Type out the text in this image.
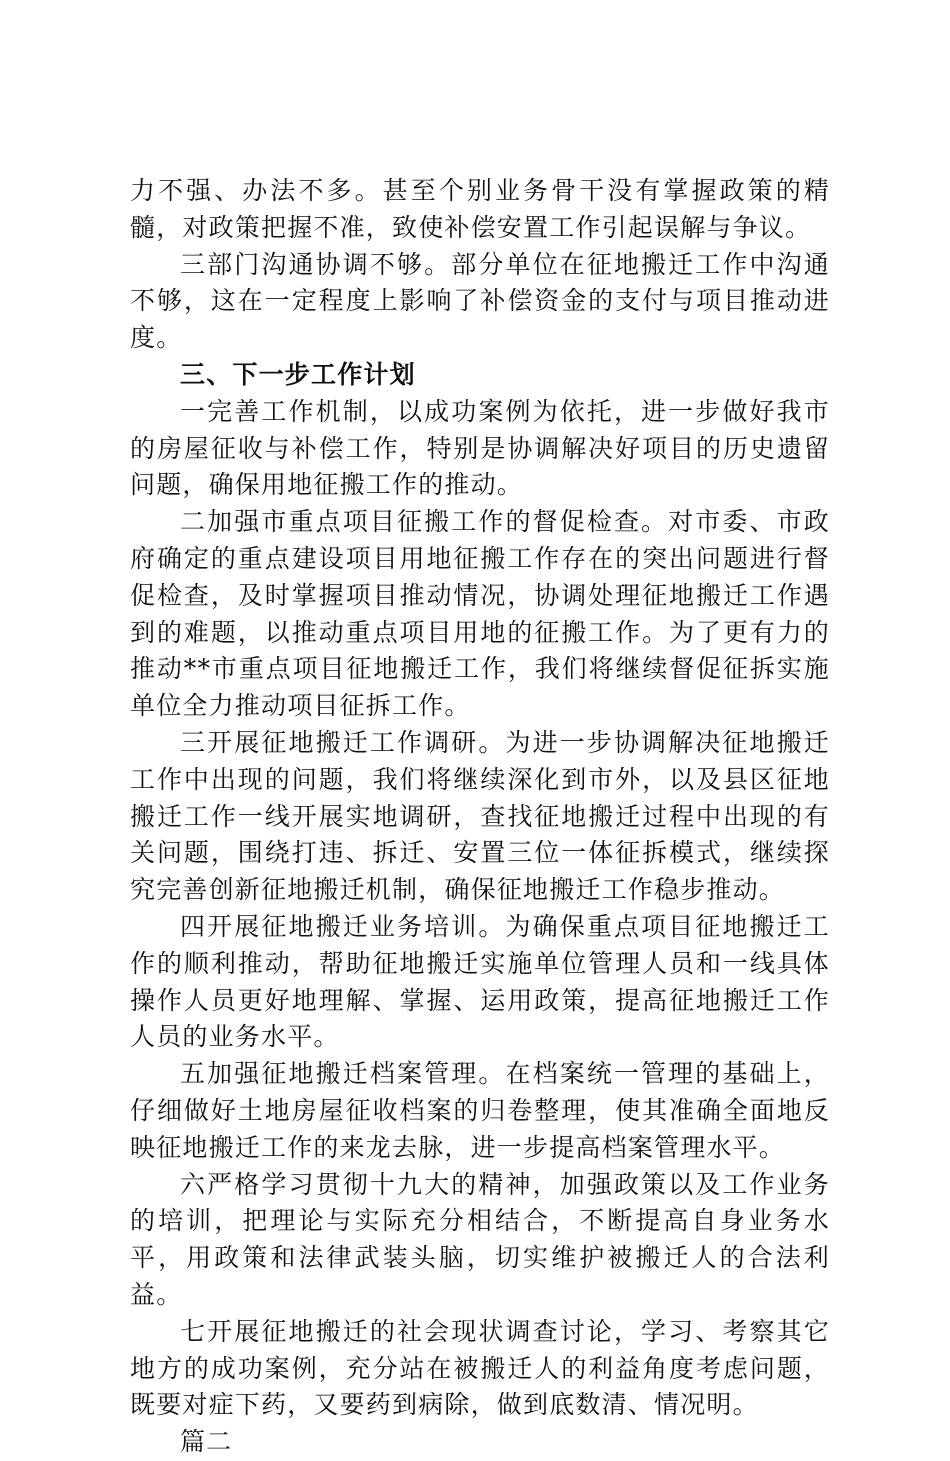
力不强、办法不多。甚至个别业务骨干没有掌握政策的精髓，对政策把握不准，致使补偿安置工作引起误解与争议。

三部门沟通协调不够。部分单位在征地搬迁工作中沟通不够，这在一定程度上影响了补偿资金的支付与项目推动进度。

三、下一步工作计划

一完善工作机制，以成功案例为依托，进一步做好我市的房屋征收与补偿工作，特别是协调解决好项目的历史遗留问题，确保用地征搬工作的推动。

二加强市重点项目征搬工作的督促检查。对市委、市政府确定的重点建设项目用地征搬工作存在的突出问题进行督促检查，及时掌握项目推动情况，协调处理征地搬迁工作遇到的难题，以推动重点项目用地的征搬工作。为了更有力的推动**市重点项目征地搬迁工作，我们将继续督促征拆实施单位全力推动项目征拆工作。

三开展征地搬迁工作调研。为进一步协调解决征地搬迁工作中出现的问题，我们将继续深化到市外，以及县区征地搬迁工作一线开展实地调研，查找征地搬迁过程中出现的有关问题，围绕打违、拆迁、安置三位一体征拆模式，继续探究完善创新征地搬迁机制，确保征地搬迁工作稳步推动。

四开展征地搬迁业务培训。为确保重点项目征地搬迁工作的顺利推动，帮助征地搬迁实施单位管理人员和一线具体操作人员更好地理解、掌握、运用政策，提高征地搬迁工作人员的业务水平。

五加强征地搬迁档案管理。在档案统一管理的基础上，仔细做好土地房屋征收档案的归卷整理，使其准确全面地反映征地搬迁工作的来龙去脉，进一步提高档案管理水平。

六严格学习贯彻十九大的精神，加强政策以及工作业务的培训，把理论与实际充分相结合，不断提高自身业务水平，用政策和法律武装头脑，切实维护被搬迁人的合法利益。

七开展征地搬迁的社会现状调查讨论，学习、考察其它地方的成功案例，充分站在被搬迁人的利益角度考虑问题，既要对症下药，又要药到病除，做到底数清、情况明。

篇二
